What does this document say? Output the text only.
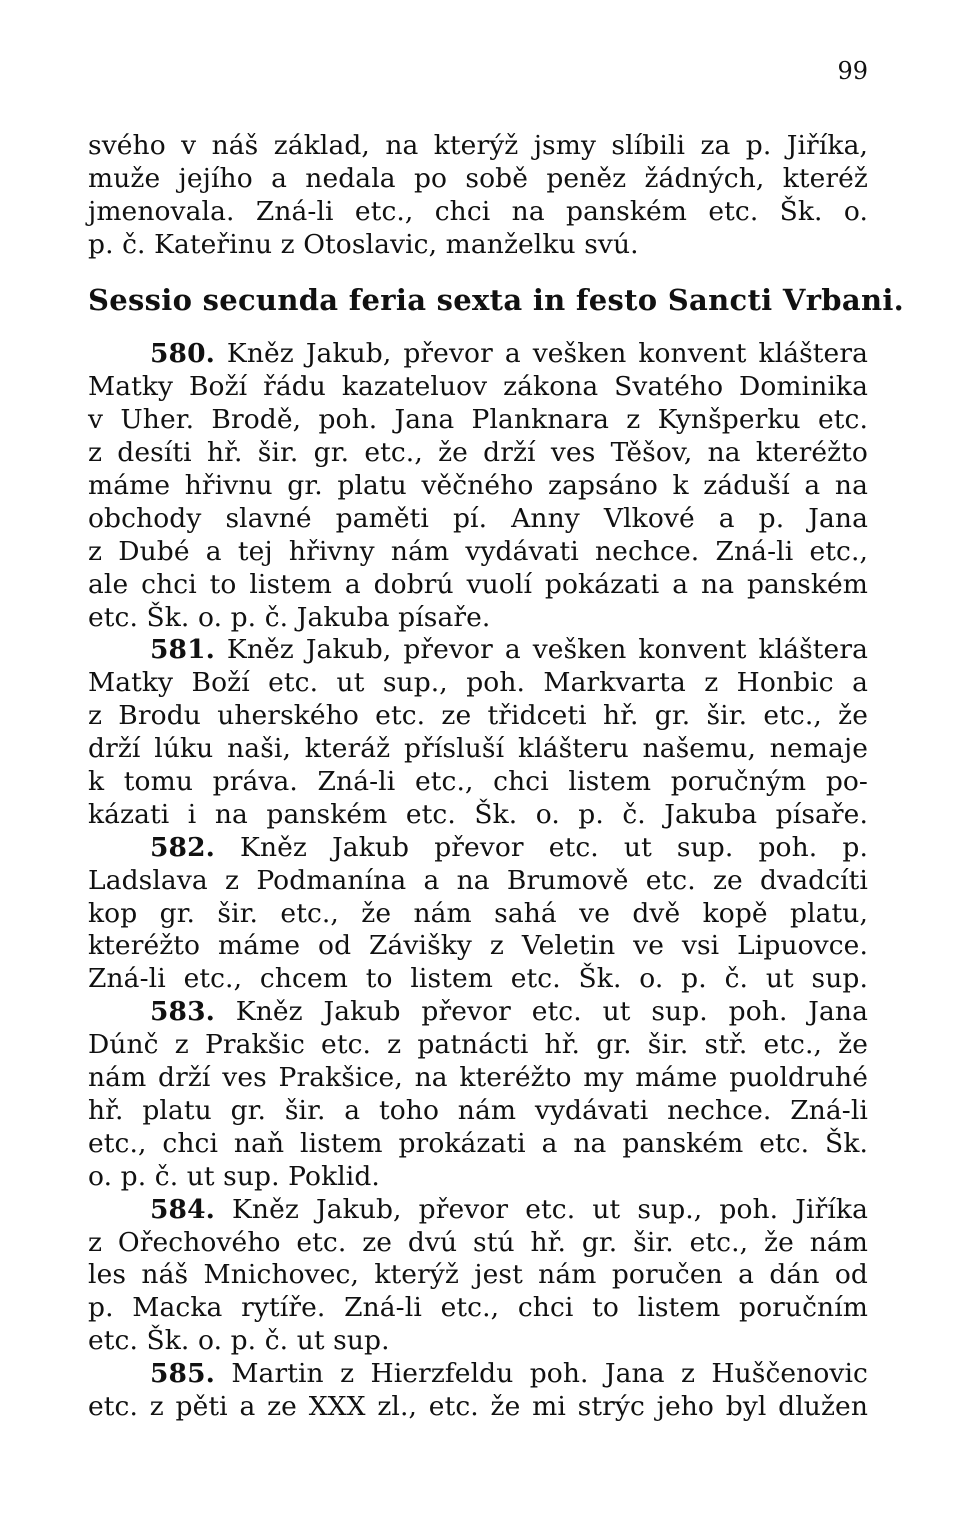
99
svého v náš základ, na kterýž jsmy slíbili za p. Jiříka,
muže jejího a nedala po sobě peněz žádných, kteréž
jmenovala. Zná-li etc., chci na panském etc. Šk. o.
p. č. Kateřinu z Otoslavic, manželku svú.
Sessio secunda feria sexta in festo Sancti Vrbani.
580. Kněz Jakub, převor a vešken konvent kláštera
Matky Boží řádu kazateluov zákona Svatého Dominika
v Uher. Brodě, poh. Jana Planknara z Kynšperku etc.
z desíti hř. šir. gr. etc., že drží ves Těšov, na kteréžto
máme hřivnu gr. platu věčného zapsáno k záduší a na
obchody slavné paměti pí. Anny Vlkové a p. Jana
z Dubé a tej hřivny nám vydávati nechce. Zná-li etc.,
ale chci to listem a dobrú vuolí pokázati a na panském
etc. Šk. o. p. č. Jakuba písaře.
581. Kněz Jakub, převor a vešken konvent kláštera
Matky Boží etc. ut sup., poh. Markvarta z Honbic a
z Brodu uherského etc. ze třidceti hř. gr. šir. etc., že
drží lúku naši, kteráž přísluší klášteru našemu, nemaje
k tomu práva. Zná-li etc., chci listem poručným po-
kázati i na panském etc. Šk. o. p. č. Jakuba písaře.
582. Kněz Jakub převor etc. ut sup. poh. p.
Ladslava z Podmanína a na Brumově etc. ze dvadcíti
kop gr. šir. etc., že nám sahá ve dvě kopě platu,
kteréžto máme od Závišky z Veletin ve vsi Lipuovce.
Zná-li etc., chcem to listem etc. Šk. o. p. č. ut sup.
583. Kněz Jakub převor etc. ut sup. poh. Jana
Dúnč z Prakšic etc. z patnácti hř. gr. šir. stř. etc., že
nám drží ves Prakšice, na kteréžto my máme puoldruhé
hř. platu gr. šir. a toho nám vydávati nechce. Zná-li
etc., chci naň listem prokázati a na panském etc. Šk.
o. p. č. ut sup. Poklid.
584. Kněz Jakub, převor etc. ut sup., poh. Jiříka
z Ořechového etc. ze dvú stú hř. gr. šir. etc., že nám
les náš Mnichovec, kterýž jest nám poručen a dán od
p. Macka rytíře. Zná-li etc., chci to listem poručním
etc. Šk. o. p. č. ut sup.
585. Martin z Hierzfeldu poh. Jana z Huščenovic
etc. z pěti a ze XXX zl., etc. že mi strýc jeho byl dlužen
